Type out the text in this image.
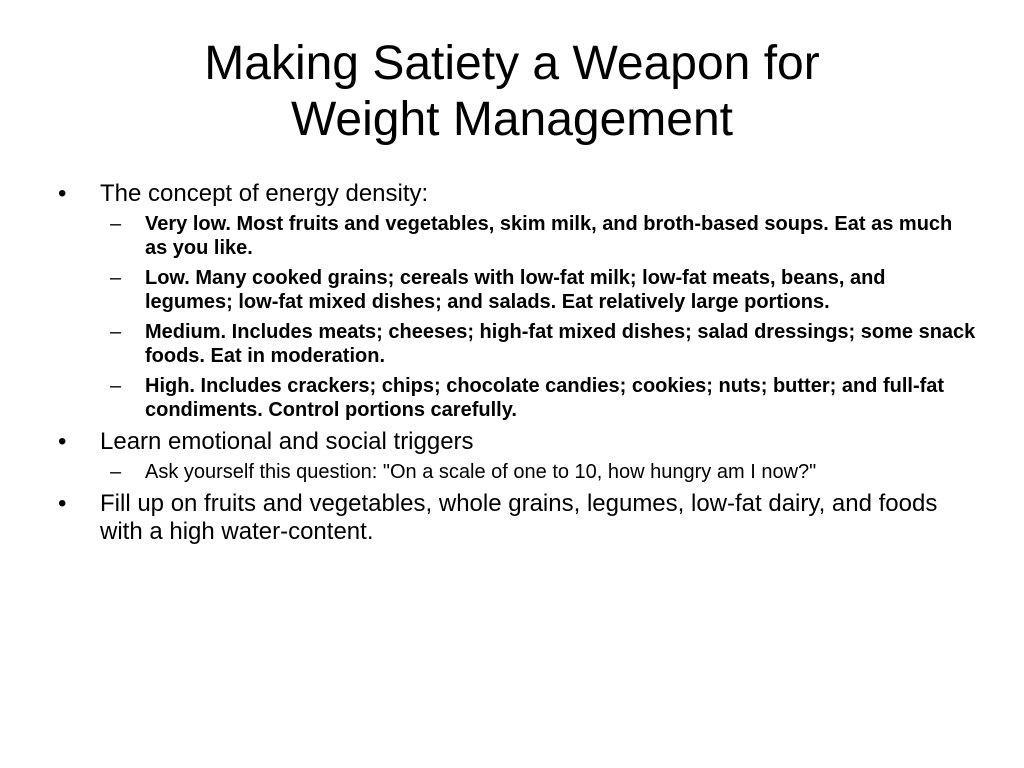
Making Satiety a Weapon for
Weight Management
•	The concept of energy density:
– Very low. Most fruits and vegetables, skim milk, and broth-based soups. Eat as much as you like.
– Low. Many cooked grains; cereals with low-fat milk; low-fat meats, beans, and legumes; low-fat mixed dishes; and salads. Eat relatively large portions.
– Medium. Includes meats; cheeses; high-fat mixed dishes; salad dressings; some snack foods. Eat in moderation.
– High. Includes crackers; chips; chocolate candies; cookies; nuts; butter; and full-fat condiments. Control portions carefully.
•	Learn emotional and social triggers
– Ask yourself this question: "On a scale of one to 10, how hungry am I now?"
•	Fill up on fruits and vegetables, whole grains, legumes, low-fat dairy, and foods with a high water-content.
